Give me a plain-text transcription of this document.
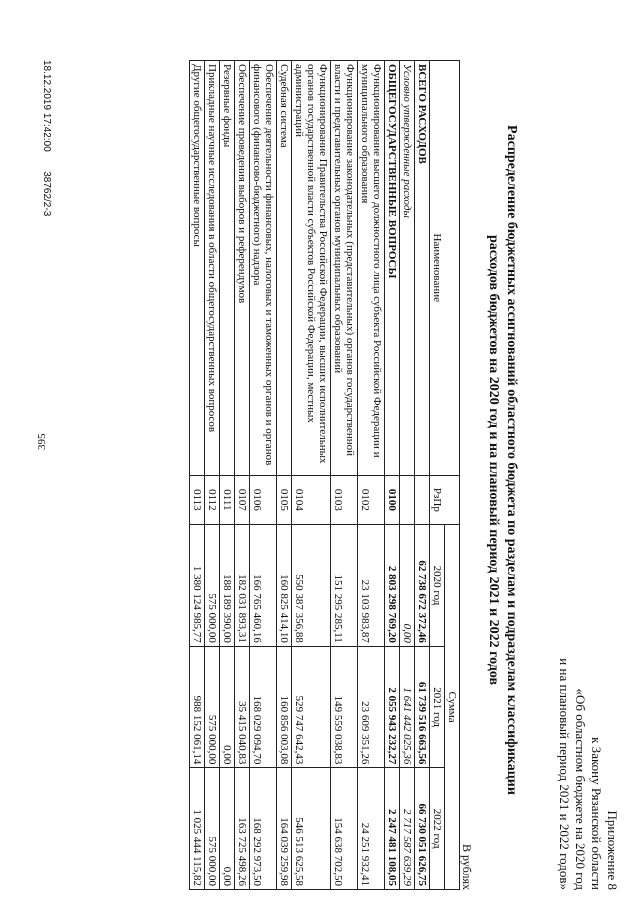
395
Приложение 8
к Закону Рязанской области
«Об областном бюджете на 2020 год
и на плановый период 2021 и 2022 годов»
Распределение бюджетных ассигнований областного бюджета по разделам и подразделам классификации
расходов бюджетов на 2020 год и на плановый период 2021 и 2022 годов
В рублях
Наименование	РзПр	Сумма		
		2020 год	2021 год	2022 год
ВСЕГО РАСХОДОВ		62 738 672 372,46	61 739 516 663,56	66 730 051 626,75
Условно утвержденные расходы		0,00	1 641 442 025,36	2 717 587 639,29
ОБЩЕГОСУДАРСТВЕННЫЕ ВОПРОСЫ	0100	2 803 298 769,20	2 055 943 232,27	2 247 481 108,05
Функционирование высшего должностного лица субъекта Российской Федерации и муниципального образования	0102	23 103 983,87	23 609 351,26	24 251 932,41
Функционирование законодательных (представительных) органов государственной власти и представительных органов муниципальных образований	0103	151 295 285,11	149 559 038,83	154 638 702,50
Функционирование Правительства Российской Федерации, высших исполнительных органов государственной власти субъектов Российской Федерации, местных администраций	0104	550 387 356,88	529 747 642,43	546 513 625,58
Судебная система	0105	160 825 414,10	160 856 003,08	164 039 259,98
Обеспечение деятельности финансовых, налоговых и таможенных органов и органов финансового (финансово-бюджетного) надзора	0106	166 765 460,16	168 029 094,70	168 292 973,50
Обеспечение проведения выборов и референдумов	0107	182 031 893,31	35 415 040,83	163 725 498,26
Резервные фонды	0111	188 189 390,00	0,00	0,00
Прикладные научные исследования в области общегосударственных вопросов	0112	575 000,00	575 000,00	575 000,00
Другие общегосударственные вопросы	0113	1 380 124 985,77	988 152 061,14	1 025 444 115,82
18.12.2019 17:42:00       38762/2-3
